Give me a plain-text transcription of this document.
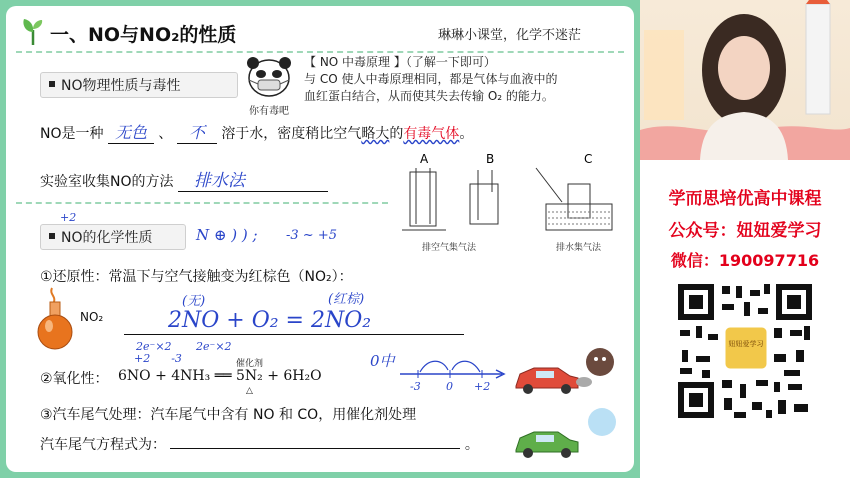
一、NO与NO₂的性质	琳琳小课堂，化学不迷茫
NO物理性质与毒性
你有毒吧
【 NO 中毒原理 】（了解一下即可）
与 CO 使人中毒原理相同，都是气体与血液中的
血红蛋白结合，从而使其失去传输 O₂ 的能力。
NO是一种 无色 、 不 溶于水，密度稍比空气略大的有毒气体。
实验室收集NO的方法 排水法
A	B	C
排空气集气法	排水集气法
+2
NO的化学性质	N ⊕ ) ) ; -3 ~ +5
①还原性：常温下与空气接触变为红棕色（NO₂）：
NO₂
(无)	(红棕)
2NO + O₂ = 2NO₂
2e⁻×2 2e⁻×2
+2      -3
②氧化性：
催化剂
6NO + 4NH₃ ══ 5N₂ + 6H₂O
△
0中
-3 0 +2
③汽车尾气处理：汽车尾气中含有 NO 和 CO，用催化剂处理
汽车尾气方程式为：	。
学而思培优高中课程
公众号：妞妞爱学习
微信：190097716
妞妞爱学习
